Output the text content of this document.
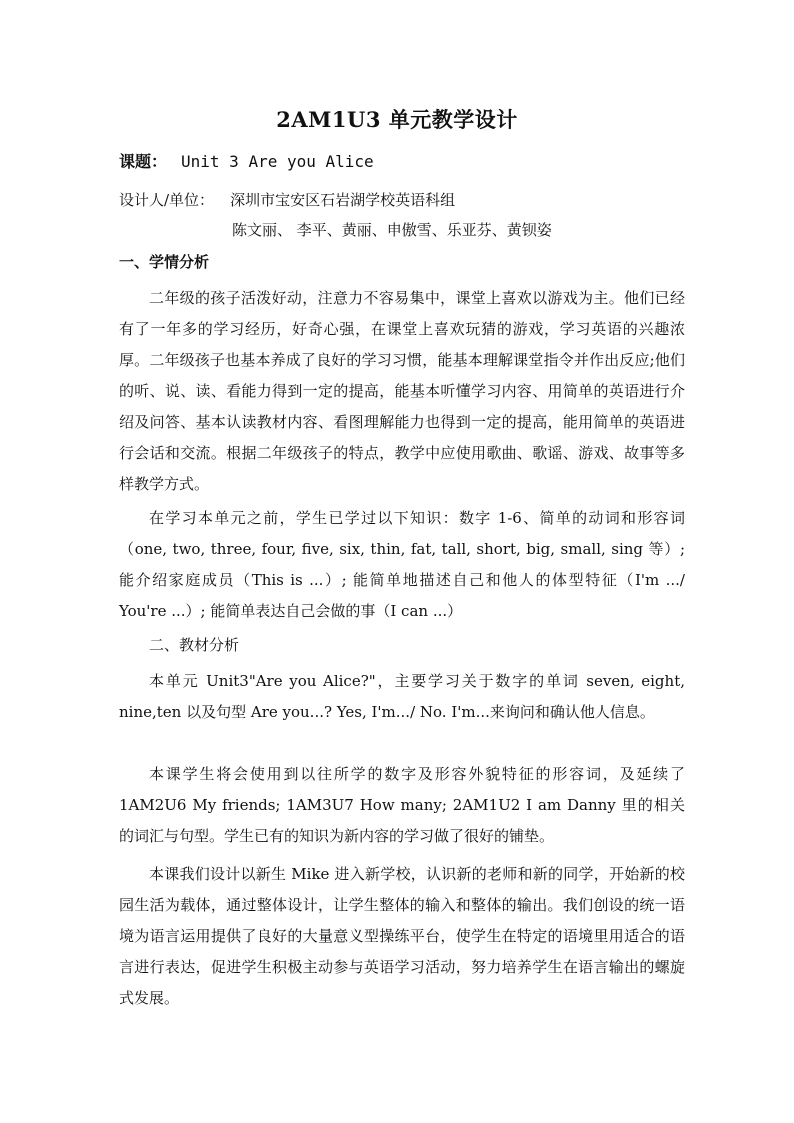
2AM1U3 单元教学设计
课题： Unit 3 Are you Alice
设计人/单位： 深圳市宝安区石岩湖学校英语科组
陈文丽、 李平、黄丽、申傲雪、乐亚芬、黄钡姿
一、学情分析

二年级的孩子活泼好动，注意力不容易集中，课堂上喜欢以游戏为主。他们已经有了一年多的学习经历，好奇心强，在课堂上喜欢玩猜的游戏，学习英语的兴趣浓厚。二年级孩子也基本养成了良好的学习习惯，能基本理解课堂指令并作出反应;他们的听、说、读、看能力得到一定的提高，能基本听懂学习内容、用简单的英语进行介绍及问答、基本认读教材内容、看图理解能力也得到一定的提高，能用简单的英语进行会话和交流。根据二年级孩子的特点，教学中应使用歌曲、歌谣、游戏、故事等多样教学方式。

在学习本单元之前，学生已学过以下知识：数字 1-6、简单的动词和形容词（one, two, three, four, five, six, thin, fat, tall, short, big, small, sing 等）; 能介绍家庭成员（This is ...）; 能简单地描述自己和他人的体型特征（I'm .../ You're ...）; 能简单表达自己会做的事（I can ...）

二、教材分析

本单元 Unit3"Are you Alice?"，主要学习关于数字的单词 seven, eight, nine,ten 以及句型 Are you...? Yes, I'm.../ No. I'm...来询问和确认他人信息。

本课学生将会使用到以往所学的数字及形容外貌特征的形容词，及延续了 1AM2U6 My friends; 1AM3U7 How many; 2AM1U2 I am Danny 里的相关的词汇与句型。学生已有的知识为新内容的学习做了很好的铺垫。

本课我们设计以新生 Mike 进入新学校，认识新的老师和新的同学，开始新的校园生活为载体，通过整体设计，让学生整体的输入和整体的输出。我们创设的统一语境为语言运用提供了良好的大量意义型操练平台，使学生在特定的语境里用适合的语言进行表达，促进学生积极主动参与英语学习活动，努力培养学生在语言输出的螺旋式发展。
